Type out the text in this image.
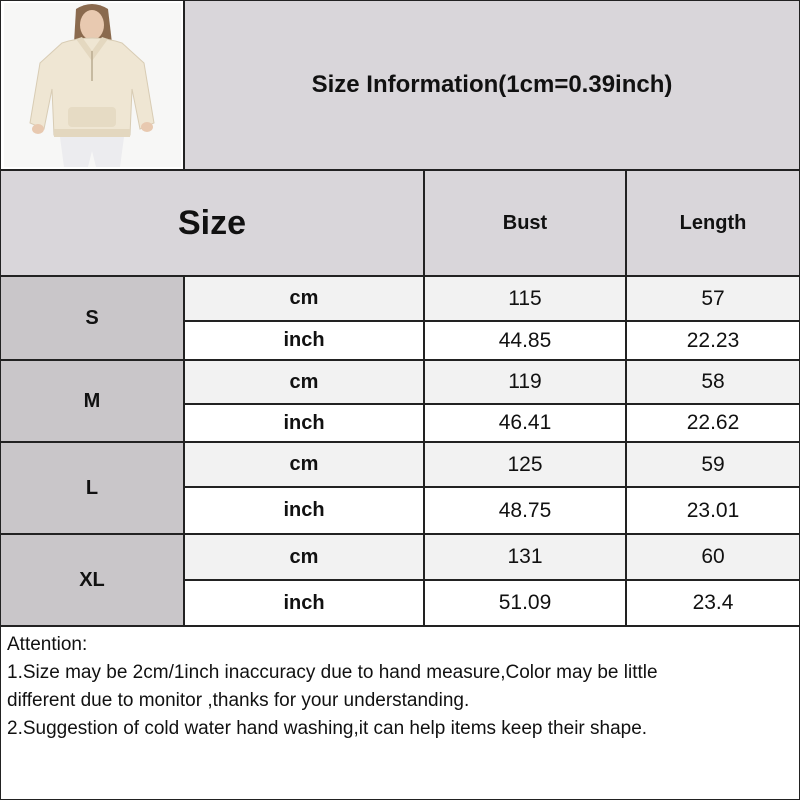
Size Information(1cm=0.39inch)
Size	Bust	Length
S
cm	115	57
inch	44.85	22.23
M
cm	119	58
inch	46.41	22.62
L
cm	125	59
inch	48.75	23.01
XL
cm	131	60
inch	51.09	23.4
Attention:
1.Size may be 2cm/1inch inaccuracy due to hand measure,Color may be little
different due to monitor ,thanks for your understanding.
2.Suggestion of cold water hand washing,it can help items keep their shape.
